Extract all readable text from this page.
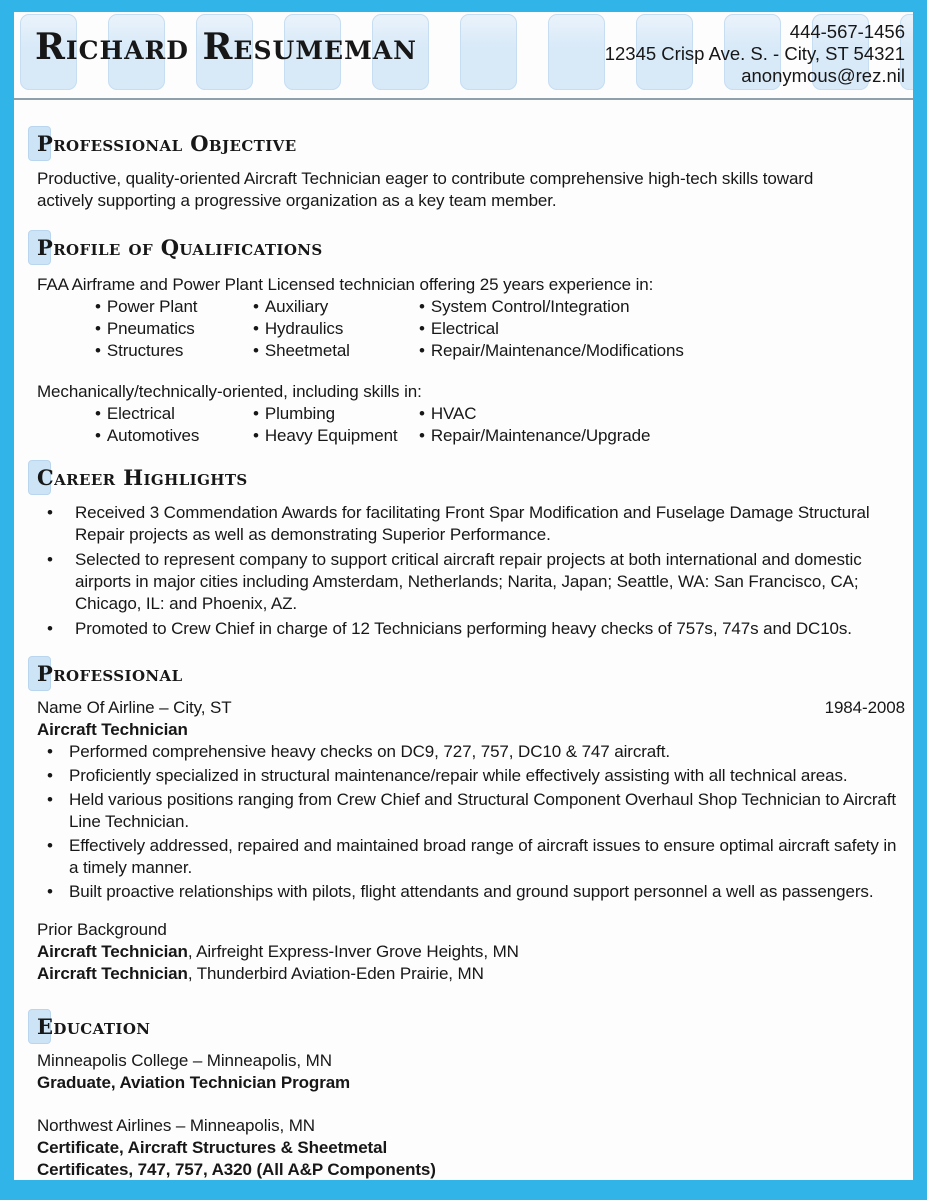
Richard Resumeman	444-567-1456
12345 Crisp Ave. S. - City, ST 54321
anonymous@rez.nil
Professional Objective

Productive, quality-oriented Aircraft Technician eager to contribute comprehensive high-tech skills toward actively supporting a progressive organization as a key team member.

Profile of Qualifications

FAA Airframe and Power Plant Licensed technician offering 25 years experience in:

• Power Plant
• Pneumatics
• Structures
• Auxiliary
• Hydraulics
• Sheetmetal
• System Control/Integration
• Electrical
• Repair/Maintenance/Modifications

Mechanically/technically-oriented, including skills in:

• Electrical
• Automotives
• Plumbing
• Heavy Equipment
• HVAC
• Repair/Maintenance/Upgrade
Career Highlights
• Received 3 Commendation Awards for facilitating Front Spar Modification and Fuselage Damage Structural Repair projects as well as demonstrating Superior Performance.
• Selected to represent company to support critical aircraft repair projects at both international and domestic airports in major cities including Amsterdam, Netherlands; Narita, Japan; Seattle, WA: San Francisco, CA; Chicago, IL: and Phoenix, AZ.
• Promoted to Crew Chief in charge of 12 Technicians performing heavy checks of 757s, 747s and DC10s.
Professional
Name Of Airline – City, ST	1984-2008
Aircraft Technician
• Performed comprehensive heavy checks on DC9, 727, 757, DC10 & 747 aircraft.
• Proficiently specialized in structural maintenance/repair while effectively assisting with all technical areas.
• Held various positions ranging from Crew Chief and Structural Component Overhaul Shop Technician to Aircraft Line Technician.
• Effectively addressed, repaired and maintained broad range of aircraft issues to ensure optimal aircraft safety in a timely manner.
• Built proactive relationships with pilots, flight attendants and ground support personnel a well as passengers.

Prior Background

Aircraft Technician, Airfreight Express-Inver Grove Heights, MN
Aircraft Technician, Thunderbird Aviation-Eden Prairie, MN
Education

Minneapolis College – Minneapolis, MN

Graduate, Aviation Technician Program

Northwest Airlines – Minneapolis, MN

Certificate, Aircraft Structures & Sheetmetal
Certificates, 747, 757, A320 (All A&P Components)
